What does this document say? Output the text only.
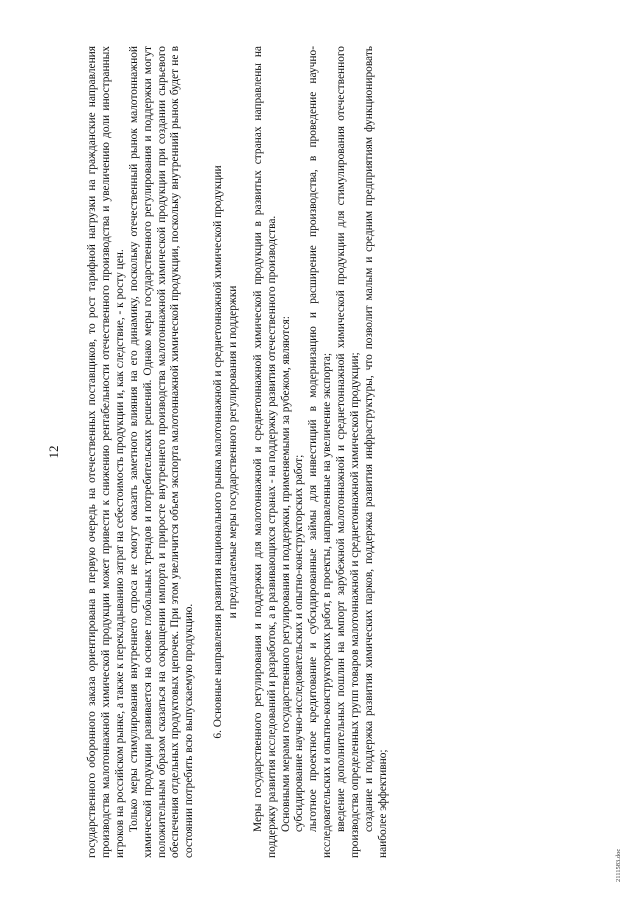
12 государственного оборонного заказа ориентирована в первую очередь на отечественных поставщиков, то рост тарифной нагрузки на гражданские направления производства малотоннажной химической продукции может привести к снижению рентабельности отечественного производства и увеличению доли иностранных игроков на российском рынке, а также к перекладыванию затрат на себестоимость продукции и, как следствие, - к росту цен. Только меры стимулирования внутреннего спроса не смогут оказать заметного влияния на его динамику, поскольку отечественный рынок малотоннажной химической продукции развивается на основе глобальных трендов и потребительских решений. Однако меры государственного регулирования и поддержки могут положительным образом сказаться на сокращении импорта и приросте внутреннего производства малотоннажной химической продукции при создании сырьевого обеспечения отдельных продуктовых цепочек. При этом увеличится объем экспорта малотоннажной химической продукции, поскольку внутренний рынок будет не в состоянии потребить всю выпускаемую продукцию. 6. Основные направления развития национального рынка малотоннажной и среднетоннажной химической продукции и предлагаемые меры государственного регулирования и поддержки Меры государственного регулирования и поддержки для малотоннажной и среднетоннажной химической продукции в развитых странах направлены на поддержку развития исследований и разработок, а в развивающихся странах - на поддержку развития отечественного производства. Основными мерами государственного регулирования и поддержки, применяемыми за рубежом, являются: субсидирование научно-исследовательских и опытно-конструкторских работ; льготное проектное кредитование и субсидированные займы для инвестиций в модернизацию и расширение производства, в проведение научно-исследовательских и опытно-конструкторских работ, в проекты, направленные на увеличение экспорта; введение дополнительных пошлин на импорт зарубежной малотоннажной и среднетоннажной химической продукции для стимулирования отечественного производства определенных групп товаров малотоннажной и среднетоннажной химической продукции; создание и поддержка развития химических парков, поддержка развития инфраструктуры, что позволит малым и средним предприятиям функционировать наиболее эффективно;

2111583.doc
